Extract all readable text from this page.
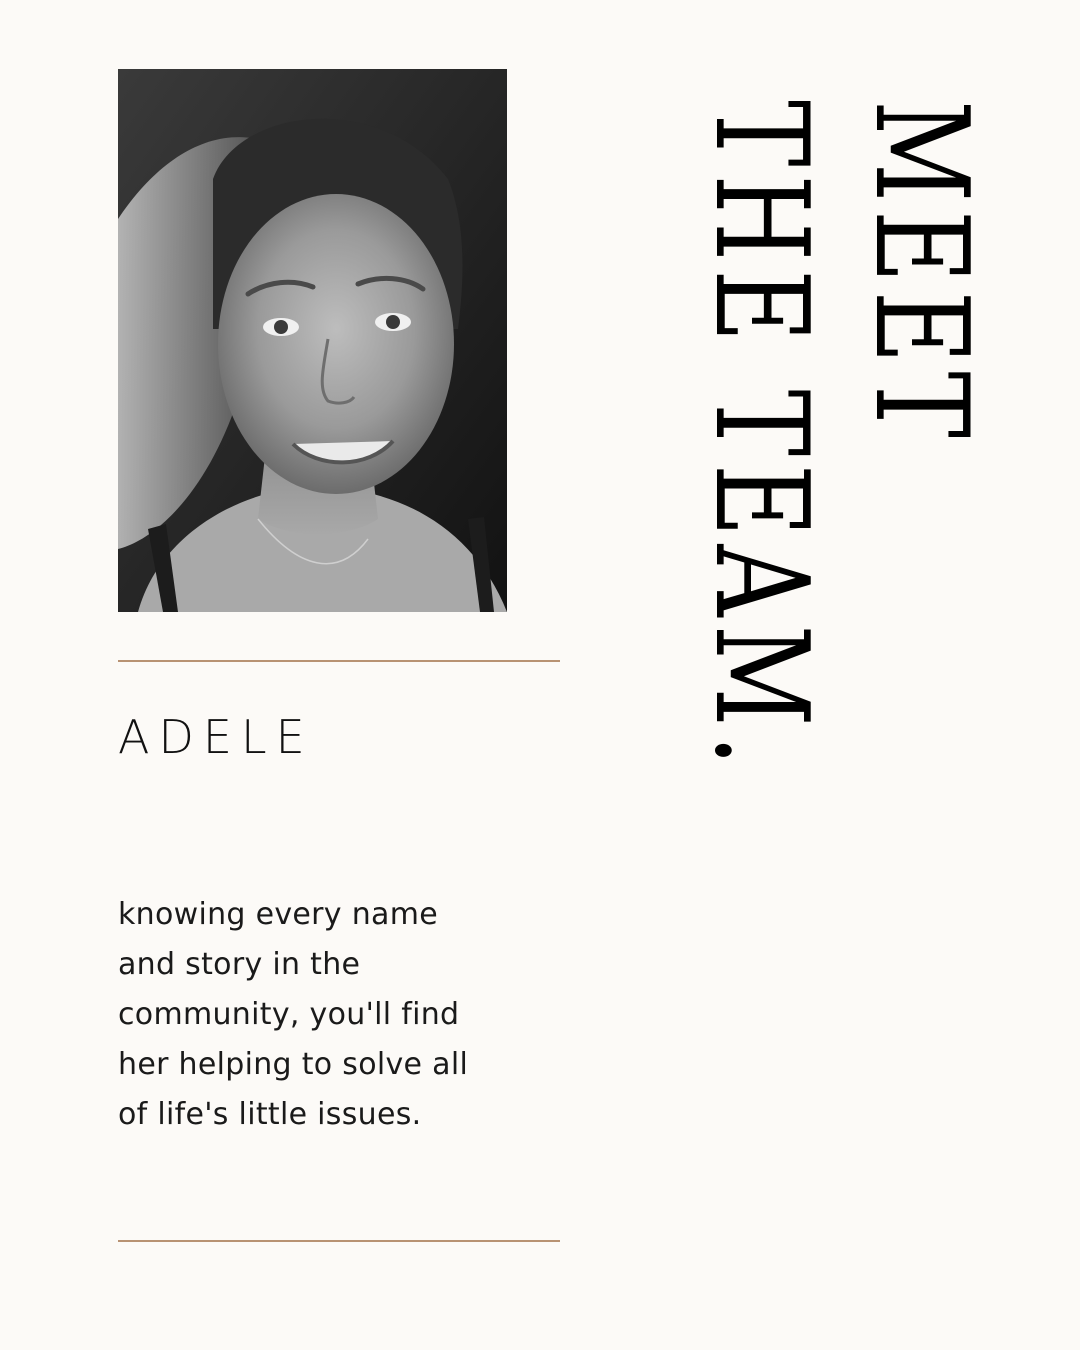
ADELE
knowing every name
and story in the
community, you'll find
her helping to solve all
of life's little issues.
MEET
THE TEAM.
